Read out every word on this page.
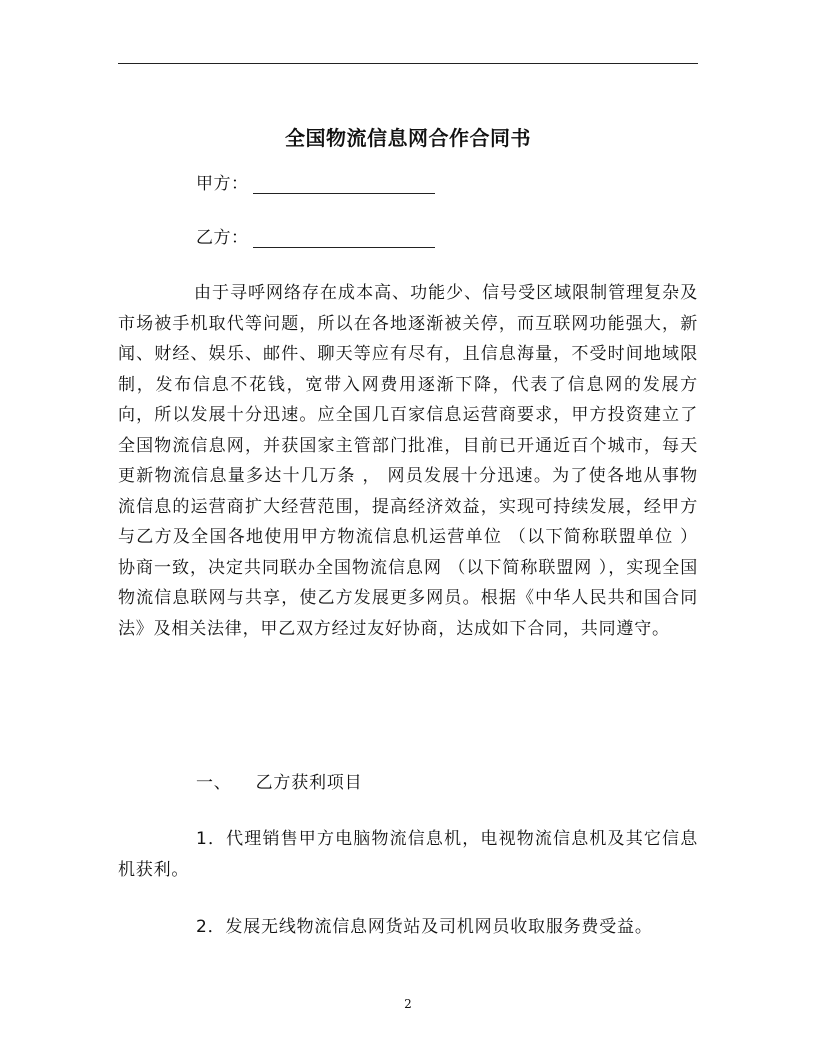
全国物流信息网合作合同书
甲方：
乙方：

由于寻呼网络存在成本高、功能少、信号受区域限制管理复杂及市场被手机取代等问题，所以在各地逐渐被关停，而互联网功能强大，新闻、财经、娱乐、邮件、聊天等应有尽有，且信息海量，不受时间地域限制，发布信息不花钱，宽带入网费用逐渐下降，代表了信息网的发展方向，所以发展十分迅速。应全国几百家信息运营商要求，甲方投资建立了全国物流信息网，并获国家主管部门批准，目前已开通近百个城市，每天更新物流信息量多达十几万条 ， 网员发展十分迅速。为了使各地从事物流信息的运营商扩大经营范围，提高经济效益，实现可持续发展，经甲方与乙方及全国各地使用甲方物流信息机运营单位 （以下简称联盟单位 ）协商一致，决定共同联办全国物流信息网 （以下简称联盟网 ），实现全国物流信息联网与共享，使乙方发展更多网员。根据《中华人民共和国合同法》及相关法律，甲乙双方经过友好协商，达成如下合同，共同遵守。

一、 乙方获利项目

1．代理销售甲方电脑物流信息机，电视物流信息机及其它信息机获利。

2．发展无线物流信息网货站及司机网员收取服务费受益。

2
